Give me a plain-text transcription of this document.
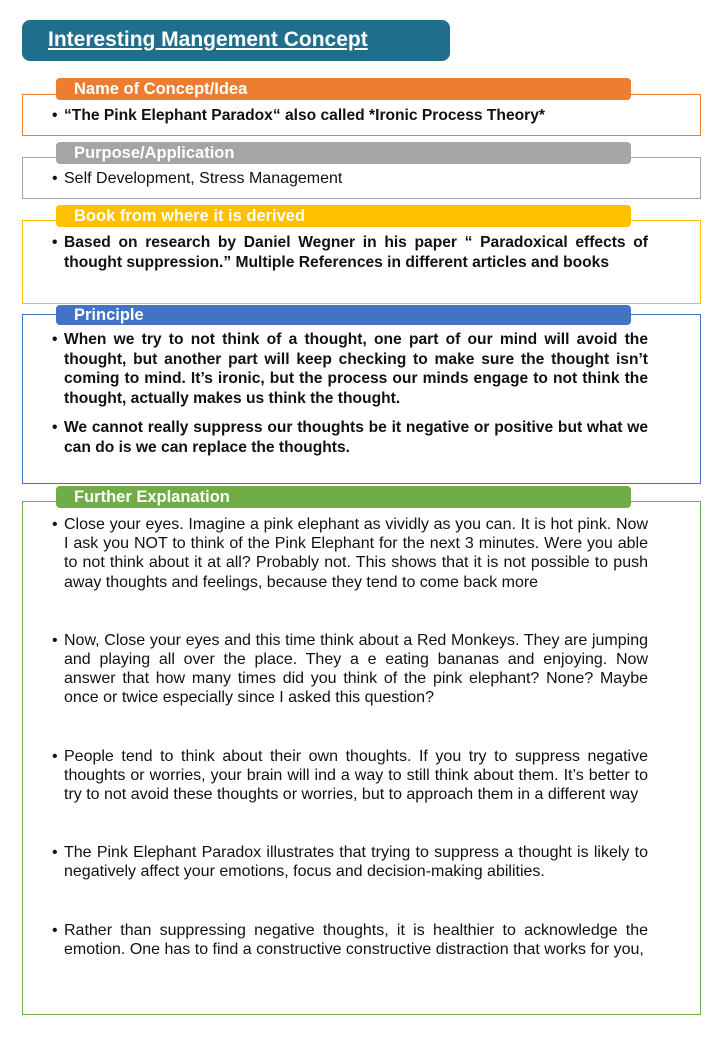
Interesting Mangement Concept
Name of Concept/Idea
• “The Pink Elephant Paradox“ also called *Ironic Process Theory*
Purpose/Application
• Self Development, Stress Management
Book from where it is derived
• Based on research by Daniel Wegner in his paper “ Paradoxical effects of thought suppression.” Multiple References in different articles and books
Principle
• When we try to not think of a thought, one part of our mind will avoid the thought, but another part will keep checking to make sure the thought isn’t coming to mind. It’s ironic, but the process our minds engage to not think the thought, actually makes us think the thought.
• We cannot really suppress our thoughts be it negative or positive but what we can do is we can replace the thoughts.
Further Explanation
• Close your eyes. Imagine a pink elephant as vividly as you can. It is hot pink. Now I ask you NOT to think of the Pink Elephant for the next 3 minutes. Were you able to not think about it at all? Probably not. This shows that it is not possible to push away thoughts and feelings, because they tend to come back more
• Now, Close your eyes and this time think about a Red Monkeys. They are jumping and playing all over the place. They a e eating bananas and enjoying. Now answer that how many times did you think of the pink elephant? None? Maybe once or twice especially since I asked this question?
• People tend to think about their own thoughts. If you try to suppress negative thoughts or worries, your brain will ind a way to still think about them. It’s better to try to not avoid these thoughts or worries, but to approach them in a different way
• The Pink Elephant Paradox illustrates that trying to suppress a thought is likely to negatively affect your emotions, focus and decision-making abilities.
• Rather than suppressing negative thoughts, it is healthier to acknowledge the emotion. One has to find a constructive constructive distraction that works for you,
